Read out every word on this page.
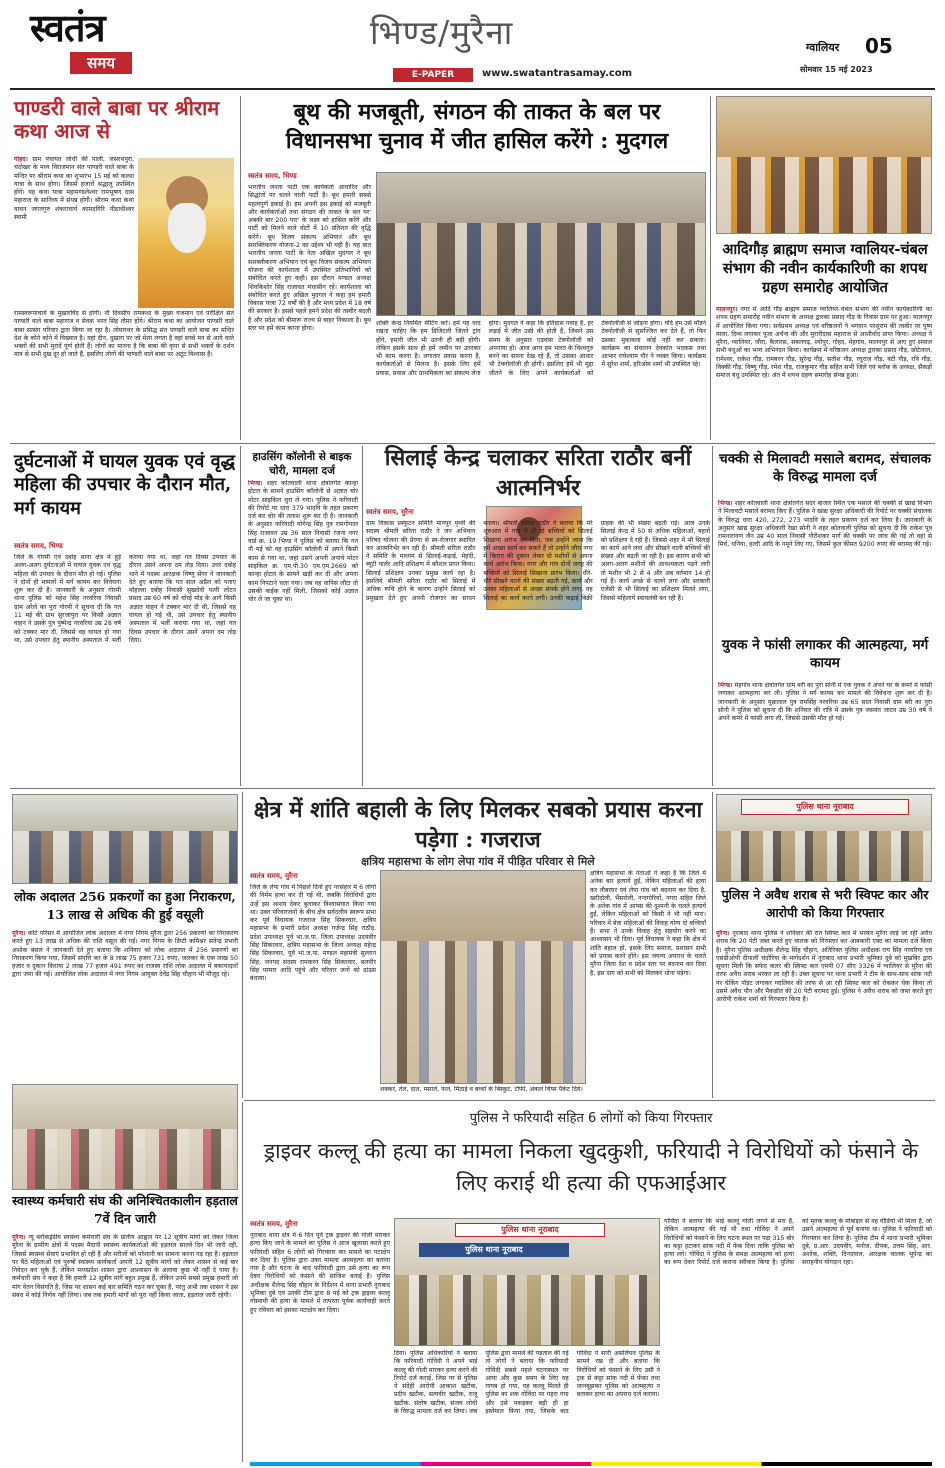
स्वतंत्र
समय
भिण्ड/मुरैना
E-PAPER	www.swatantrasamay.com
ग्वालियर 05
सोमवार 15 मई 2023
पाण्डरी वाले बाबा पर श्रीराम कथा आज से
गोहद। ग्राम पंचायत लोधी की पाली, जसरथपुरा, चंदोखर के मध्य विराजमान संत पाण्डरी वाले बाबा के मन्दिर पर श्रीराम कथा का शुभारंभ 15 मई को कलश यात्रा के साथ होगा। जिसमें हजारों श्रद्धालु उपस्थित होंगे। यह कथा यात्रा महामण्डलेश्वर रामभूषण दास महाराज के सानिध्य में संपन्न होगी। श्रीराम कथा कथा वाचन जगतगुरु शंकराचार्य कामदगिरि पीठाधीश्वर स्वामी
रामस्वरूपाचार्य के मुखारविंद से होगी। नौ दिवसीय रामकथा के मुख्य यजमान एवं परीक्षित संत पाण्डरी वाले बाबा महाराज व सेवक भरत सिंह तोमर होंगे। श्रीराम कथा का आयोजन पाण्डरी वाले बाबा सत्संग परिवार द्वारा किया जा रहा है। लोमारथर के प्रसिद्ध संत पाण्डरी वाले बाबा का मन्दिर देश के कोने कोने में विख्यात है। यहां दीन, दुखारा पर जो मेला लगता है वहां सच्चे मन से आये वाले भक्तों की सभी मुरादें पूर्ण होती हैं। लोगों का मानना है कि बाबा की कृपा से सभी भक्तों के दर्शन मात्र से सभी दुख दूर हो जाते हैं, इसलिए लोगों की पाण्डरी वाले बाबा पर अटूट विश्वास है।
बूथ की मजबूती, संगठन की ताकत के बल पर विधानसभा चुनाव में जीत हासिल करेंगे : मुदगल
स्वतंत्र समय, भिण्ड
भारतीय जनता पार्टी एक कार्यकर्ता आधारित और सिद्धांतों पर चलने वाली पार्टी है। बूथ हमारी सबसे महत्वपूर्ण इकाई है। हम अपनी इस इकाई को मजबूती और कार्यकर्ताओं तथा संगठन की ताकत के बल पर' अबकी बार 200 पार' के लक्ष्य को हासिल करेंगे और पार्टी को मिलने वाले वोटों में 10 प्रतिशत की वृद्धि करेंगे। बूथ विजय संकल्प अभियान और बूथ सशक्तिकरण योजना-2 का उद्देश्य भी यही है। यह बात भारतीय जनता पार्टी के नेता अखिल मुदगल ने बूथ सशक्तीकरण अभियान एवं बूथ विजय संकल्प अभियान योजना की कार्यशाला में उपस्थित प्रतिभागियों को संबोधित करते हुए कही। इस दौरान मण्डल अध्यक्ष शिवकिशोर सिंह राजावत मंचासीन रहे। कार्यशाला को संबोधित करते हुए अखिल मुदगल ने कहा हम हमारी विकास यात्रा 72 वर्षों की है और मध्य प्रदेश में 18 वर्ष की सरकार है। इससे पहले हमने प्रदेश की तस्वीर बदली है और प्रदेश को बीमारू राज्य से बाहर निकाला है। बूथ स्तर पर हमें काम करना होगा।
शक्ति केन्द्र नियमित मीटिंग करें। हमें यह याद रखना चाहिए कि हम डिजिटली जितने ट्रांग होंगे, हमारी जीत भी उतनी ही बड़ी होगी। लेकिन इसके साथ ही हमें जमीन पर उतरकर भी काम करना है। लगातार प्रवास करना है, कार्यकर्ताओं से मिलना है। इसके लिए हमें प्रवास, प्रवास और प्राथमिकता का संकल्प लेना होगा। मुदगल ने कहा कि इतिहास गवाह है, हर लड़ाई में जीत उसी की होती है, जिसने उस समय के अनुसार एडवांस टेक्नोलॉजी को अपनाया हो। आज अगर हम भारत के विश्वगुरु बनने का सपना देख रहे हैं, तो उसका आधार भी टेक्नोलॉजी ही होगी। इसलिए हमें भी मुद्दा जीतने के लिए अपने कार्यकर्ताओं को टेक्नोलॉजी से जोड़ना होगा। यदि हम उसे मॉडर्न टेक्नोलॉजी से सुसज्जित कर देते हैं, तो फिर उसका मुकाबला कोई नहीं कर सकता। कार्यक्रम का संचालन देवकांत भदकस तथा आभार राघेश्याम गौर ने व्यक्त किया। कार्यक्रम में सुरेश शर्मा, हरिओम शर्मा भी उपस्थित रहे।
आदिगौड़ ब्राह्मण समाज ग्वालियर-चंबल संभाग की नवीन कार्यकारिणी का शपथ ग्रहण समारोह आयोजित
मालनपुर। नगर में आदि गौड़ ब्राह्मण समाज ग्वालियर-चंबल संभाग की नवीन कार्यकारिणी का शपथ ग्रहण समारोह नवीन संभाग के अध्यक्ष द्वारका प्रसाद गौड़ के निवास ग्राम पर हुआ। मालनपुर में आयोजित किया गया। सर्वप्रथम अध्यक्ष एवं वरिष्ठजनों ने भगवान परशुराम की तस्वीर पर पुष्प माला, दिव्य लगाकर पूजा अर्चना की और मुरारीदास महाराज से आशीर्वाद प्राप्त किया। अध्यक्ष ने मुरैना, ग्वालियर, जौरा, कैलारस, सबलगढ़, श्योपुर, गोहद, मेहगांव, मालनपुर से आए हुए समाज सभी बंधुओं का भव्य अभिनंदन किया। कार्यक्रम में वरिष्ठजन अध्यक्ष द्वारका प्रसाद गौड़, छोटेलाल, रामेश्वर, राकेश गौड़, रामबरन गौड़, सुरेन्द्र गौड़, सतीश गौड़, रघुराज गौड़, बंटी गौड़, रवि गौड़, विक्की गौड़, विष्णु गौड़, रमेश गौड़, राजकुमार गौड़ सहित सभी जिले एवं ब्लॉक के अध्यक्ष, सैकड़ों समाज बंधु उपस्थित रहे। अंत में शपथ ग्रहण समारोह संपन्न हुआ।
दुर्घटनाओं में घायल युवक एवं वृद्ध महिला की उपचार के दौरान मौत, मर्ग कायम
स्वतंत्र समय, भिण्ड
जिले के गोरमी एवं दबोह थाना क्षेत्र में हुई अलग-अलग दुर्घटनाओं में घायल युवक एवं वृद्ध महिला की उपचार के दौरान मौत हो गई। पुलिस ने दोनों ही मामलों में मर्ग कायम कर विवेचना शुरू कर दी है। जानकारी के अनुसार गोरमी थाना पुलिस को महेश सिंह नरवरिया निवासी ग्राम अरेले का पुरा गोरमी ने सूचना दी कि गत 11 मई की ग्राम सुरजापुरा पर किसी अज्ञात वाहन ने उसके पुत्र पुष्पेन्द्र नरवरिया उम्र 28 वर्ष को टक्कर मार दी, जिससे वह घायल हो गया था, उसे उपचार हेतु स्थानीय अस्पताल में भर्ती कराया गया था, जहां गत दिवस उपचार के दौरान उसने अपना दम तोड़ दिया। उधर दबोह थाने में पदस्थ आरक्षक विष्णु सेंगर ने जानकारी देते हुए बताया कि गत सात अप्रैल को पताए मोहल्ला दबोह निवासी सुखदेवी पत्नी लोटन प्रसाद उम्र 60 वर्ष को चोरई मोड़ के आगे किसी अज्ञात वाहन ने टक्कर मार दी थी, जिससे वह घायल हो गई थी, उसे उपचार हेतु स्थानीय अस्पताल में भर्ती कराया गया था, जहां गत दिवस उपचार के दौरान उसने अपना दम तोड़ दिया।
हाउसिंग कॉलोनी से बाइक चोरी, मामला दर्ज
भिण्ड। शहर कोतवाली थाना क्षेत्रांतर्गत कान्हा होटल के सामने हाउसिंग कॉलोनी से अज्ञात चोर मोटर साइकिल चुरा ले गया। पुलिस ने फरियादी की रिपोर्ट पर धारा 379 भादवि के तहत प्रकरण दर्ज कर चोर की तलाश शुरू कर दी है। जानकारी के अनुसार फरियादी योगेन्द्र सिंह पुत्र रामगोपाल सिंह राजावत उम्र 36 साल निवासी रंजना नगर वार्ड क्र. 19 भिण्ड ने पुलिस को बताया कि गत नौ मई को वह हाउसिंग कॉलोनी में अपने किसी काम से गया था, जहां उसने अपनी अपाचे मोटर साइकिल क्र. एम.पी.30 एम.एम.2669 को कान्हा होटल के सामने खड़ी कर दी और अपना काम निपटाने चला गया। जब वह वापिस लौटा तो उसकी बाईक नहीं मिली, जिसको कोई अज्ञात चोर ले जा चुका था।
सिलाई केन्द्र चलाकर सरिता राठौर बनीं आत्मनिर्भर
स्वतंत्र समय, मुरैना
ग्राम विकास प्रस्फुटन समिति मानपुर पृथ्वी की सदस्य श्रीमती सरिता राठौर ने जन अभियान परिषद योजना की प्रेरणा से स्व-रोजगार स्थापित कर आत्मनिर्भर बन रही हैं। श्रीमती सरिता राठौर ने समिति के माध्यम से सिलाई-कढ़ाई, मेहंदी, ब्यूटी पार्लर आदि प्रशिक्षण में कौशल प्राप्त किया। सिलाई प्रशिक्षण उनका प्रमुख कार्य रहा है। इसलिये श्रीमती सरिता राठौर को सिलाई में अधिक रूचि होने के कारण उन्होंने सिलाई को प्रमुखता देते हुए अपनी रोजगार का साधन बनाया। श्रीमती सरिता राठौर ने बताया कि मेरे शुरुआत में गांव में ही दो बच्चियों को सिलाई सिखाना आरंभ कर दिया, जब उन्होंने जाना कि हमें अच्छा कार्य कर सकते हैं तो उन्होंने जौरा नगर में किराए की दुकान लेकर दो मशीनों से अपना कार्य आरंभ किया। नगर और गांव दोनों जगह की बच्चियों को सिलाई सिखाना प्रारंभ किया। धीरे-धीरे सीखने वालों की संख्या बढ़ती गई, कार्य और उनका महिलाओं से अच्छा संपर्क होने लगा, वह सिलाई का कार्य करने लगी। उनकी कढ़ाई बिक्री ग्राहक की भी संख्या बढ़ती गई। आज उनके सिलाई केन्द्र में 50 से अधिक महिलाओं, बहनों को प्रशिक्षण दे रही हैं। जिससे शहर में भी सिलाई का कार्य आने लगा और सीखने वाली बच्चियों की संख्या और बढ़ती जा रही है। इस कारण सभी को अलग-अलग मशीनों की आवश्यकता पड़ने लगी तो मशीन भी 2 से 4 और अब वर्तमान 14 हो गई हैं। कार्य अच्छे से चलने लगा और सरकारी एजेंसी से भी सिलाई का प्रशिक्षण मिलने लगा, जिससे महिलायें स्वावलंबी बन रही हैं।
चक्की से मिलावटी मसाले बरामद, संचालक के विरुद्ध मामला दर्ज
भिण्ड। शहर कोतवाली थाना क्षेत्रांतर्गत सदर बाजार स्थित एक मसाले की चक्की से खाद्य विभाग ने मिलावटी मसाले बरामद किए हैं। पुलिस ने खाद्य सुरक्षा अधिकारी की रिपोर्ट पर चक्की संचालक के विरुद्ध धारा 420, 272, 273 भादवि के तहत प्रकरण दर्ज कर लिया है। जानकारी के अनुसार खाद्य सुरक्षा अधिकारी रेखा सोनी ने शहर कोतवाली पुलिस को सूचना दी कि राकेश पुत्र रामनारायण जैन उम्र 40 साल निवासी गौरीशंकर मार्ग की चक्की पर जांच की गई तो वहां से मिर्च, धनिया, हल्दी आदि के नमूने लिए गए, जिसमें कुल कीमत 9200 रुपए की बरामद की गई।
युवक ने फांसी लगाकर की आत्महत्या, मर्ग कायम
भिण्ड। मेहगांव थाना क्षेत्रांतर्गत ग्राम बरी का पुरा सोनी में एक युवक ने अपने घर के कमरे में फांसी लगाकर आत्महत्या कर ली। पुलिस ने मर्ग कायम कर मामले की विवेचना शुरू कर दी है। जानकारी के अनुसार मुन्नालाल पुत्र रामसिंह नरवरिया उम्र 65 साल निवासी ग्राम बरी का पुरा सोनी ने पुलिस को सूचना दी कि शनिवार की रात्रि में उसके पुत्र जसवंत जाटव उम्र 30 वर्ष ने अपने कमरे में फांसी लगा ली, जिससे उसकी मौत हो गई।
लोक अदालत 256 प्रकरणों का हुआ निराकरण, 13 लाख से अधिक की हुई वसूली
मुरैना। कोर्ट परिसर में आयोजित लोक अदालत में नगर निगम मुरैना द्वारा 256 प्रकरणों का निराकरण करते हुए 13 लाख से अधिक की राशि वसूल की गई। नगर निगम के डिप्टी कमिश्नर सतेन्द्र प्रभारी अशोक बंसल ने जानकारी देते हुए बताया कि शनिवार को लोक अदालत में 256 प्रकरणों का निराकरण किया गया, जिसमें संपत्ति कर के 8 लाख 75 हजार 731 रुपए, जलकर के एक लाख 50 हजार व दुकान किराया 2 लाख 77 हजार 491 रुपए का राजस्व राशि लोक अदालत में बकायादारों द्वारा जमा की गई। आयोजित लोक अदालत में नगर निगम आयुक्त देवेंद्र सिंह चौहान भी मौजूद रहे।
क्षेत्र में शांति बहाली के लिए मिलकर सबको प्रयास करना पड़ेगा : गजराज
क्षत्रिय महासभा के लोग लेपा गांव में पीड़ित परिवार से मिले
स्वतंत्र समय, मुरैना
जिले के लेपा गांव में पिछले दिनों हुए नरसंहार में 6 लोगों की निर्मम हत्या कर दी गई थी, जबकि विरोधियों द्वारा उन्हें इस आशय देकर बुलाकर विश्वासघात किया गया था। उक्त परिवारजनों के बीच क्षेत्र सर्वदलीय स्वरूप सभा कर पूर्व विधायक गजराज सिंह सिकरवार, क्षत्रिय महासभा के प्रभारी प्रदेश अध्यक्ष गजेन्द्र सिंह राठौड़, प्रदेश उपाध्यक्ष पूर्व भा.ज.पा. जिला उपाध्यक्ष उदयवीर सिंह सिकरवार, क्षत्रिय महासभा के जिला अध्यक्ष महेन्द्र सिंह सिकरवार, पूर्व भा.ज.पा. मण्डल महामंत्री सुल्तान सिंह, जनपद सदस्य रामकरन सिंह सिकरवार, बलवीर सिंह परमार आदि पहुंचे और परिवार जनों को ढांढस बंधाया।
शक्कर, तेल, दाल, मसाले, फल, मिठाई व बच्चों के बिस्कुट, टॉफी, अंकल चिप्स पैकेट दिये।
क्षत्रिय महासभा के नेताओं ने कहा है कि जिले में अनेक बार हत्यायें हुईं, लेकिन महिलाओं की हत्या कर तौबरघर एवं लेपा गांव को बदनाम कर दिया है, खरीदोली, भैंसरोली, नन्दगोरियों, नगरा सहित जिले के अनेक गांव में आपस की दुश्मनी के चलते हत्यायें हुईं, लेकिन महिलाओं को किसी ने भी नहीं मारा। परिवार में बेवा महिलाओं की विवाह योग्य दो बच्चियाँ हैं। सभा ने उनके विवाह हेतु सहयोग करने का आश्वासन भी दिया। पूर्व विधायक ने कहा कि क्षेत्र में शांति बहाल हो, इसके लिए समाज, प्रशासन सभी को प्रयास करने होंगे। इस जघन्य अपराध के चलते मुरैना जिला देश व प्रदेश स्तर पर बदनाम कर दिया है, इस दाग को सभी को मिलकर धोना पड़ेगा।
पुलिस थाना नूराबाद
पुलिस ने अवैध शराब से भरी स्विफ्ट कार और आरोपी को किया गिरफ्तार
मुरैना। नूराबाद थाना पुलिस ने शनिवार की रात स्विफ्ट कार में भरकर मुरैना लाई जा रही अवैध शराब कि 20 पेटी जब्त करते हुए चालक को गिरफ्तार कर आबकारी एक्ट का मामला दर्ज किया है। मुरैना पुलिस अधीक्षक शैलेन्द्र सिंह चौहान, अतिरिक्त पुलिस अधीक्षक राय सिंह नरवरिया एवं एसडीओपी दीपाली चंदोरिया के मार्गदर्शन में नूराबाद थाना प्रभारी भूमिका दुबे को मुखबिर द्वारा सूचना मिली कि सफेद कलर की स्विफ्ट कार एमपी 07 सीए 3326 में ग्वालियर से मुरैना की तरफ अवैध शराब भरकर ला रही है। उक्त सूचना पर थाना प्रभारी ने टीम के साथ-साथ सांक नदी पर चेकिंग पॉइंट लगाकर ग्वालियर की तरफ से आ रही स्विफ्ट कार को रोककर चेक किया तो उसमें अवैध पौन और मैकडॉल की 20 पेटी बरामद हुई। पुलिस ने अवैध शराब को जब्त करते हुए आरोपी राकेश शर्मा को गिरफ्तार किया है।
स्वास्थ्य कर्मचारी संघ की अनिश्चितकालीन हड़ताल 7वें दिन जारी
मुरैना। न्यू ब्लॉकड्रेडीय स्वास्थ्य कर्मचारी संघ के प्रांतीय आह्वान पर 12 सूत्रीय मांगों को लेकर जिला मुरैना के ग्रामीण क्षेत्रों में पदस्थ मैदानी स्वास्थ्य कार्यकर्ताओं की हड़ताल सातवें दिन भी जारी रही, जिससे स्वास्थ्य सेवाएं प्रभावित हो रही हैं और मरीजों को परेशानी का सामना करना पड़ रहा है। हड़ताल पर बैठे महिलाओं एवं पुरुषों स्वास्थ्य कार्यकर्ता अपनी 12 सूत्रीय मांगों को लेकर शासन से कई बार निवेदन कर चुके हैं, लेकिन मध्यप्रदेश शासन द्वारा आश्वासन के अलावा कुछ भी नहीं दे पाया है। कर्मचारी संघ ने कहा है कि हमारी 12 सूत्रीय मांगें बहुत प्रमुख हैं, लेकिन उनमें सबसे प्रमुख हमारी जो मांग वेतन विसंगति है, जिस पर शासन कई बार समिति गठन कर चुका है, परंतु अभी तक शासन ने इस संबंध में कोई निर्णय नहीं लिया। जब तक हमारी मांगों को पूरा नहीं किया जाता, हड़ताल जारी रहेगी।
पुलिस ने फरियादी सहित 6 लोगों को किया गिरफ्तार
ड्राइवर कल्लू की हत्या का मामला निकला खुदकुशी, फरियादी ने विरोधियों को फंसाने के लिए कराई थी हत्या की एफआईआर
स्वतंत्र समय, मुरैना
नूराबाद थाना क्षेत्र में 6 दिन पूर्व ट्रक ड्राइवर की गोली मारकर हत्या किए जाने के मामले का पुलिस ने आज खुलासा करते हुए फरियादी सहित 6 लोगों को गिरफ्तार कर मामले का पटाक्षेप कर दिया है। पुलिस द्वारा उक्त मामला आत्महत्या का बताया गया है और घटना के बाद फरियादी द्वारा उसे हत्या का रूप देकर विरोधियों को फंसाने की साजिश बताई है। पुलिस अधीक्षक शैलेन्द्र सिंह चौहान के निर्देशन में थाना प्रभारी नूराबाद भूमिका दुबे एवं उनकी टीम द्वारा 8 मई को ट्रक ड्राइवर कल्लू गोस्वामी की हत्या के मामले में तत्परता पूर्वक कार्यवाही करते हुए रविवार को इसका पटाक्षेप कर दिया।
पुलिस थाना नूराबाद
पुलिस थाना नूराबाद
दिया। पुलिस अधिकारियों ने बताया कि फरियादी गोविंदी ने अपने भाई कल्लू की गोली मारकर हत्या करने की रिपोर्ट दर्ज कराई, जिस पर से पुलिस ने संदेही आरोपी आकाश खटीक, प्रदीप खटीक, सत्यवीर खटीक, राजू खटीक, संतोष खटीक, संजय लोधी के विरुद्ध मामला दर्ज कर लिया। जब पुलिस द्वारा मामले की पड़ताल की गई तो लोगों ने बताया कि फरियादी गोविंदी सबसे पहले घटनास्थल पर आया और कुछ समय के लिए वह गायब हो गया, यह कल्लू मिलते ही पुलिस का शक गोविंदा पर गहरा गया और उसे पकड़कर बड़ी ही हा इस्तेमाल किया गया, जिसके बाद गोविंदा ने सारी असलियत पुलिस के सामने रख दी और बताया कि विरोधियों को फंसाने के लिए उसी ने ट्रक से कट्टा सांक नदी में फेंका तथा जानबूझकर पुलिस को आत्महत्या न बताकर हत्या का अपराध दर्ज कराया।
गोविंदा ने बताया कि भाई कल्लू गोली लगने से मरा है, लेकिन आत्महत्या की गई थी तथा गोविंदा ने अपने विरोधियों को फंसाने के लिए घटना स्थल पर पड़ा 315 बोर का कट्टा हटाकर सांक नदी में फेंक दिया ताकि पुलिस को हत्या लगे। गोविंदा ने पुलिस के समक्ष आत्महत्या को हत्या का रूप देकर रिपोर्ट दर्ज कराना स्वीकार किया है। पुलिस को मृतक कल्लू के मोबाइल से वह वीडियो भी मिला है, जो उसने आत्महत्या से पूर्व बनाया था। पुलिस ने फरियादी को गिरफ्तार कर लिया है। पुलिस टीम में थाना प्रभारी भूमिका दुबे, प्र.आर. उदयवीर, मनोज, दीपक, उत्तम सिंह, आर. अशोक, शक्ति, दिनदयाल, आरक्षक चालक भूपेन्द्र का सराहनीय योगदान रहा।
